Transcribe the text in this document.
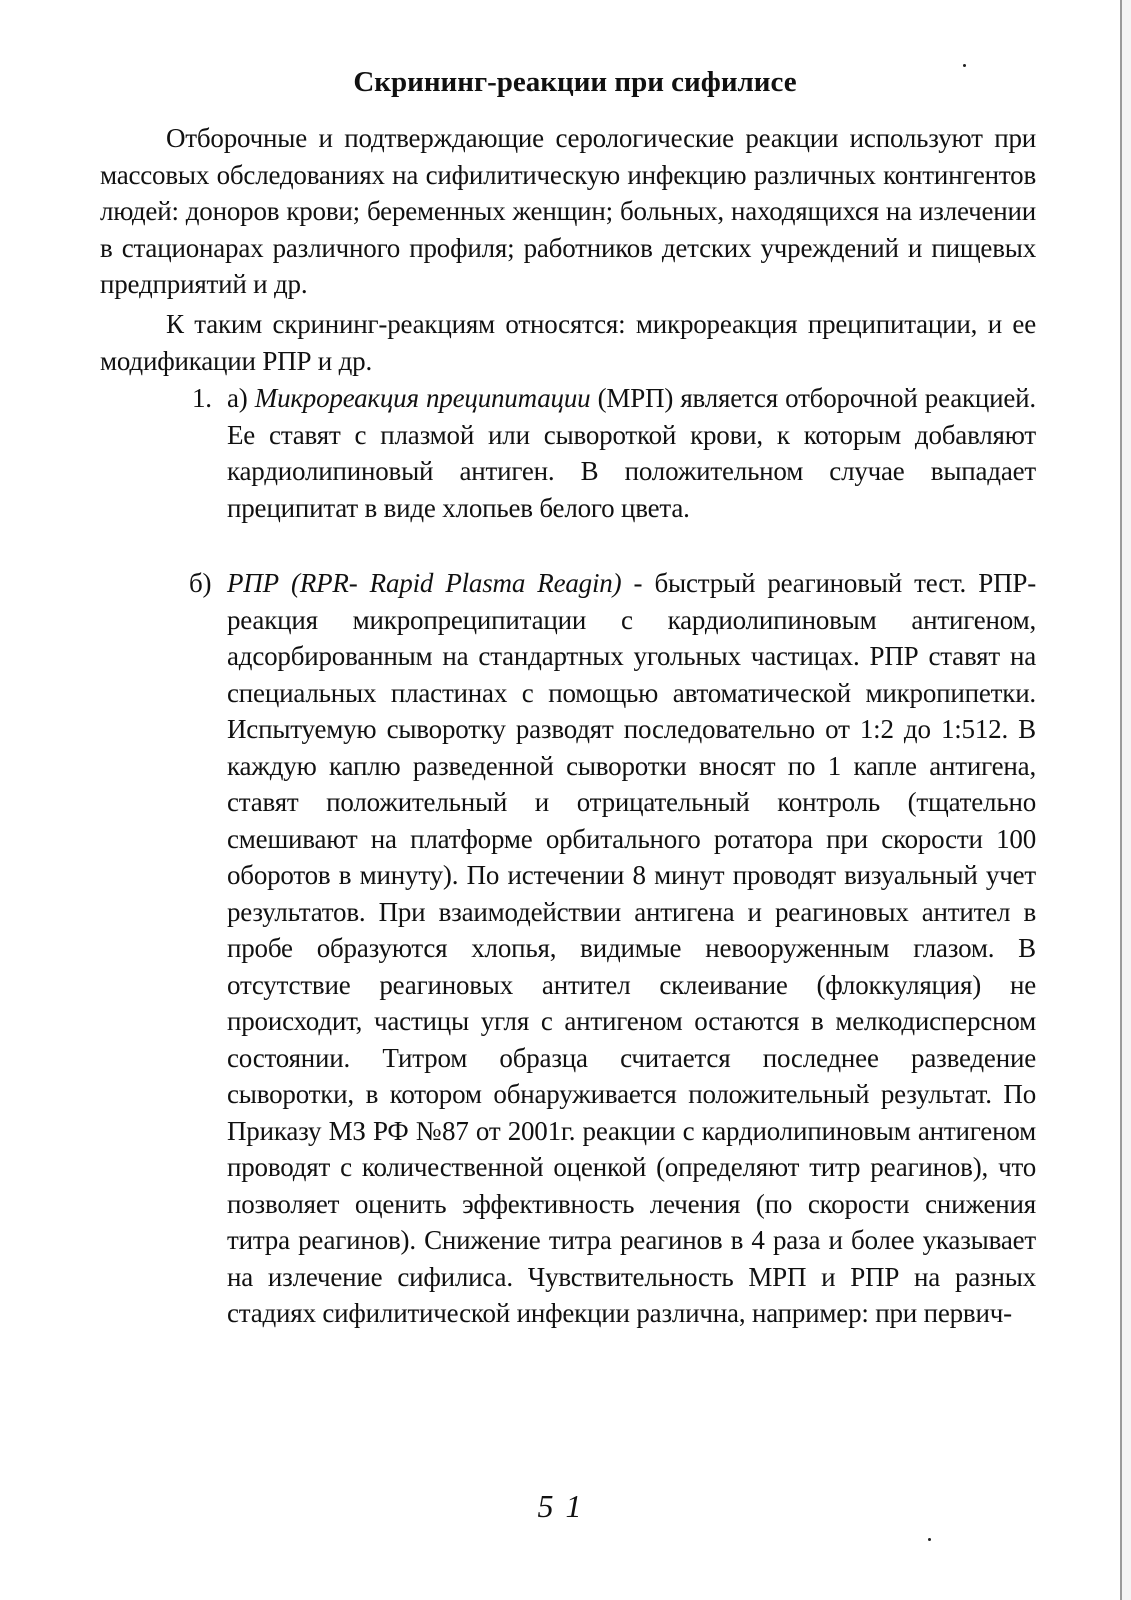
Скрининг-реакции при сифилисе
Отборочные и подтверждающие серологические реакции используют при массовых обследованиях на сифилитическую инфекцию различных контингентов людей: доноров крови; беременных женщин; больных, находящихся на излечении в стационарах различного профиля; работников детских учреждений и пищевых предприятий и др.
К таким скрининг-реакциям относятся: микрореакция преципитации, и ее модификации РПР и др.
1. а) Микрореакция преципитации (МРП) является отборочной реакцией. Ее ставят с плазмой или сывороткой крови, к которым добавляют кардиолипиновый антиген. В положительном случае выпадает преципитат в виде хлопьев белого цвета.
б) РПР (RPR- Rapid Plasma Reagin) - быстрый реагиновый тест. РПР-реакция микропреципитации с кардиолипиновым антигеном, адсорбированным на стандартных угольных частицах. РПР ставят на специальных пластинах с помощью автоматической микропипетки. Испытуемую сыворотку разводят последовательно от 1:2 до 1:512. В каждую каплю разведенной сыворотки вносят по 1 капле антигена, ставят положительный и отрицательный контроль (тщательно смешивают на платформе орбитального ротатора при скорости 100 оборотов в минуту). По истечении 8 минут проводят визуальный учет результатов. При взаимодействии антигена и реагиновых антител в пробе образуются хлопья, видимые невооруженным глазом. В отсутствие реагиновых антител склеивание (флоккуляция) не происходит, частицы угля с антигеном остаются в мелкодисперсном состоянии. Титром образца считается последнее разведение сыворотки, в котором обнаруживается положительный результат. По Приказу МЗ РФ №87 от 2001г. реакции с кардиолипиновым антигеном проводят с количественной оценкой (определяют титр реагинов), что позволяет оценить эффективность лечения (по скорости снижения титра реагинов). Снижение титра реагинов в 4 раза и более указывает на излечение сифилиса. Чувствительность МРП и РПР на разных стадиях сифилитической инфекции различна, например: при первич-
51
